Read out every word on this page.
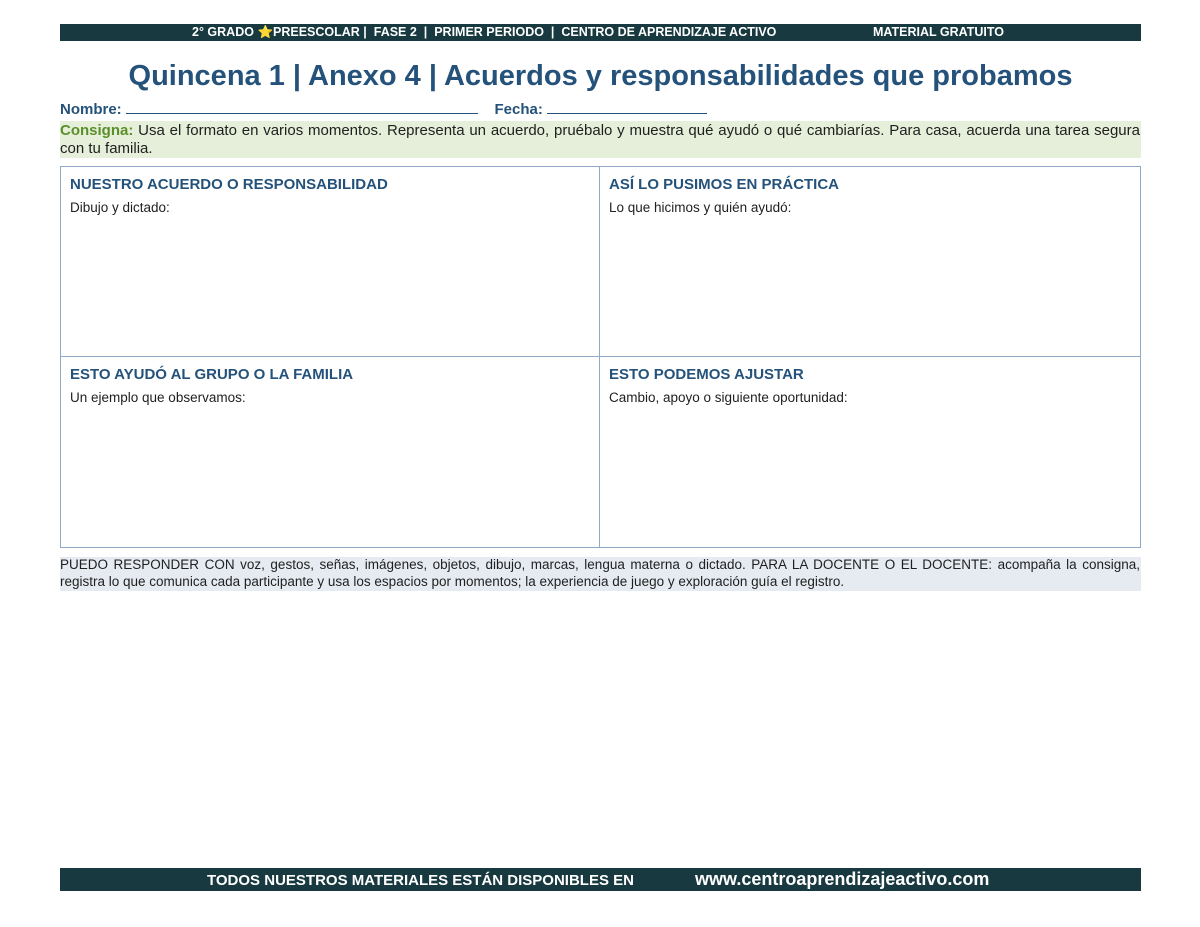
2° GRADO ⭐PREESCOLAR |  FASE 2  |  PRIMER PERIODO  |  CENTRO DE APRENDIZAJE ACTIVO	MATERIAL GRATUITO
Quincena 1 | Anexo 4 | Acuerdos y responsabilidades que probamos
Nombre:	Fecha:
Consigna: Usa el formato en varios momentos. Representa un acuerdo, pruébalo y muestra qué ayudó o qué cambiarías. Para casa, acuerda una tarea segura con tu familia.
NUESTRO ACUERDO O RESPONSABILIDAD

Dibujo y dictado:

ASÍ LO PUSIMOS EN PRÁCTICA

Lo que hicimos y quién ayudó:

ESTO AYUDÓ AL GRUPO O LA FAMILIA

Un ejemplo que observamos:

ESTO PODEMOS AJUSTAR

Cambio, apoyo o siguiente oportunidad:

PUEDO RESPONDER CON voz, gestos, señas, imágenes, objetos, dibujo, marcas, lengua materna o dictado. PARA LA DOCENTE O EL DOCENTE: acompaña la consigna, registra lo que comunica cada participante y usa los espacios por momentos; la experiencia de juego y exploración guía el registro.
TODOS NUESTROS MATERIALES ESTÁN DISPONIBLES EN	www.centroaprendizajeactivo.com
